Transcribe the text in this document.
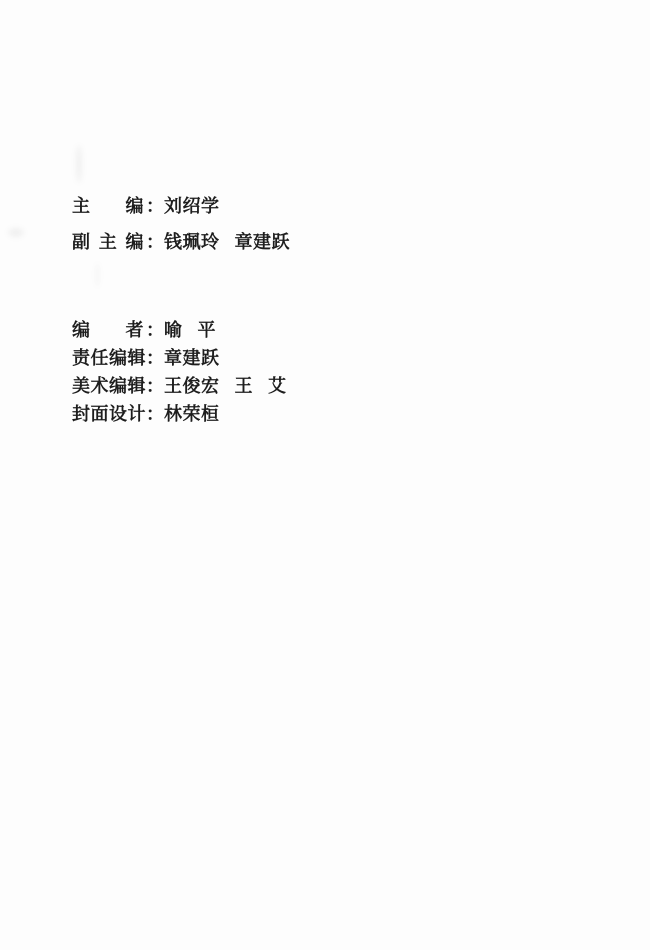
主编 ： 刘绍学
副主编 ： 钱珮玲 章建跃
编者 ： 喻 平
责任编辑 ： 章建跃
美术编辑 ： 王俊宏 王 艾
封面设计 ： 林荣桓
